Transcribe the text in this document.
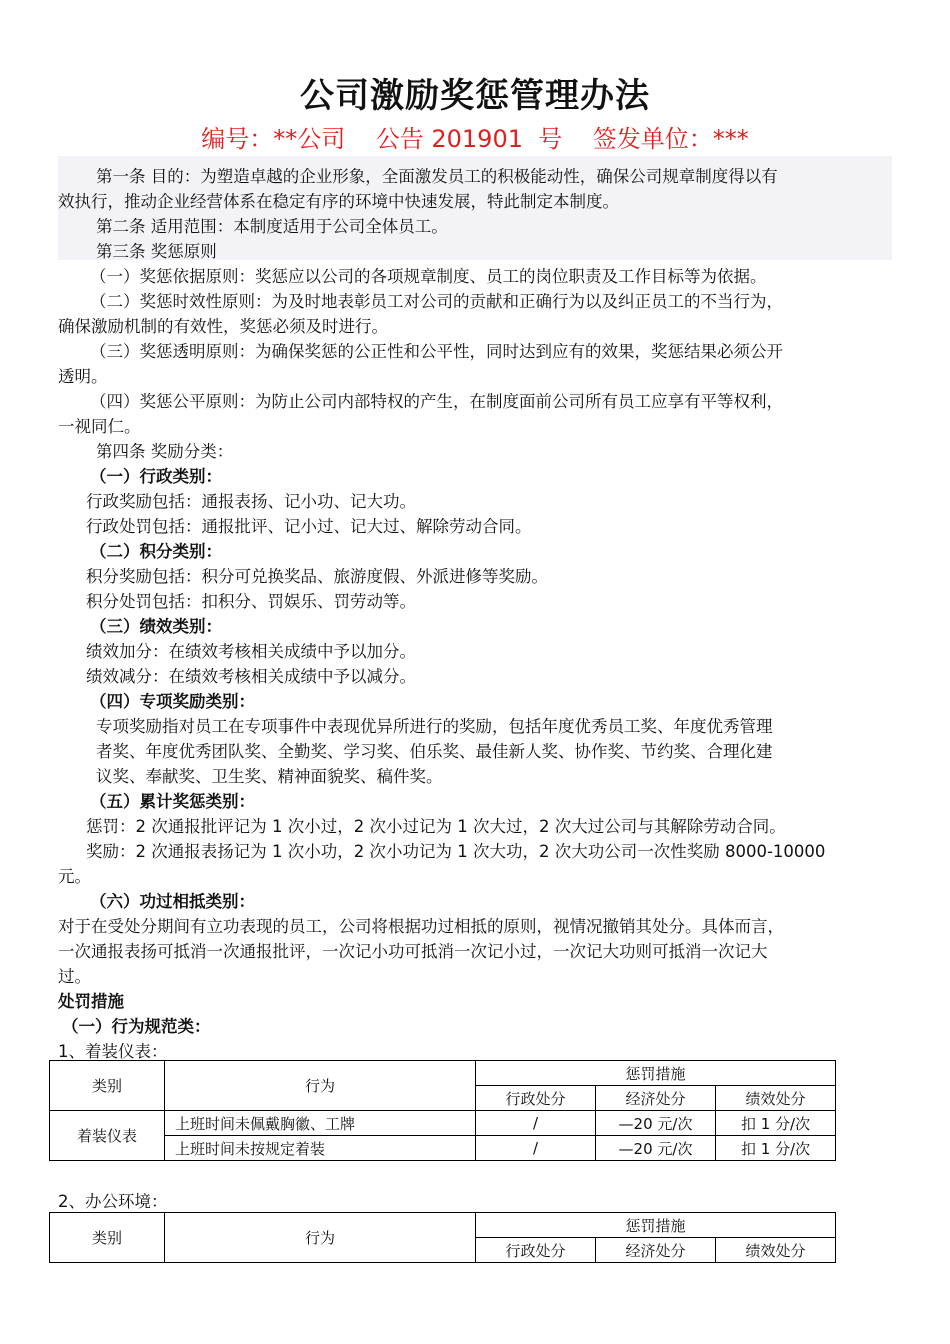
公司激励奖惩管理办法
编号：**公司    公告 201901  号    签发单位：***
第一条 目的：为塑造卓越的企业形象，全面激发员工的积极能动性，确保公司规章制度得以有
效执行，推动企业经营体系在稳定有序的环境中快速发展，特此制定本制度。
第二条 适用范围：本制度适用于公司全体员工。
第三条 奖惩原则
（一）奖惩依据原则：奖惩应以公司的各项规章制度、员工的岗位职责及工作目标等为依据。
（二）奖惩时效性原则：为及时地表彰员工对公司的贡献和正确行为以及纠正员工的不当行为，
确保激励机制的有效性，奖惩必须及时进行。
（三）奖惩透明原则：为确保奖惩的公正性和公平性，同时达到应有的效果，奖惩结果必须公开
透明。
（四）奖惩公平原则：为防止公司内部特权的产生，在制度面前公司所有员工应享有平等权利，
一视同仁。
第四条 奖励分类：
（一）行政类别：
行政奖励包括：通报表扬、记小功、记大功。
行政处罚包括：通报批评、记小过、记大过、解除劳动合同。
（二）积分类别：
积分奖励包括：积分可兑换奖品、旅游度假、外派进修等奖励。
积分处罚包括：扣积分、罚娱乐、罚劳动等。
（三）绩效类别：
绩效加分：在绩效考核相关成绩中予以加分。
绩效减分：在绩效考核相关成绩中予以减分。
（四）专项奖励类别：
专项奖励指对员工在专项事件中表现优异所进行的奖励，包括年度优秀员工奖、年度优秀管理
者奖、年度优秀团队奖、全勤奖、学习奖、伯乐奖、最佳新人奖、协作奖、节约奖、合理化建
议奖、奉献奖、卫生奖、精神面貌奖、稿件奖。
（五）累计奖惩类别：
惩罚：2 次通报批评记为 1 次小过，2 次小过记为 1 次大过，2 次大过公司与其解除劳动合同。
奖励：2 次通报表扬记为 1 次小功，2 次小功记为 1 次大功，2 次大功公司一次性奖励 8000-10000
元。
（六）功过相抵类别：
对于在受处分期间有立功表现的员工，公司将根据功过相抵的原则，视情况撤销其处分。具体而言，
一次通报表扬可抵消一次通报批评，一次记小功可抵消一次记小过，一次记大功则可抵消一次记大
过。
处罚措施
（一）行为规范类：
1、着装仪表：
类别	行为	惩罚措施		
		行政处分	经济处分	绩效处分
着装仪表	上班时间未佩戴胸徽、工牌	/	—20 元/次	扣 1 分/次
	上班时间未按规定着装	/	—20 元/次	扣 1 分/次
2、办公环境：
类别	行为	惩罚措施		
		行政处分	经济处分	绩效处分
